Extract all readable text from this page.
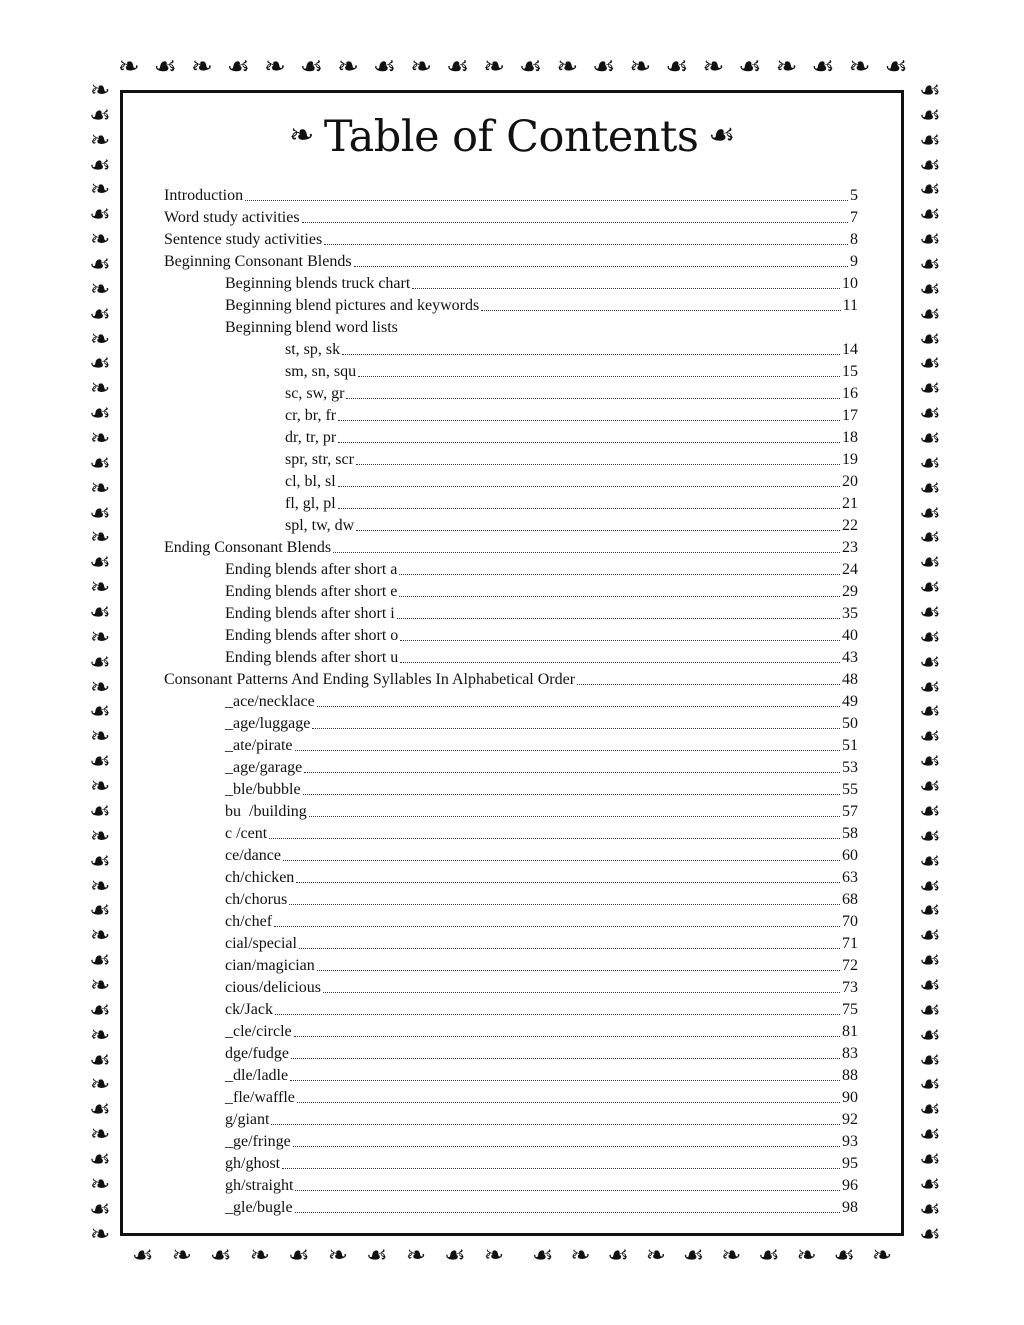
❧ ☙ ❧ ☙ ❧ ☙ ❧ ☙ ❧ ☙ ❧ ☙ ❧ ☙ ❧ ☙ ❧ ☙ ❧ ☙ ❧ ☙
☙ ❧ ☙ ❧ ☙ ❧ ☙ ❧ ☙ ❧ ☙ ❧ ☙ ❧ ☙ ❧ ☙ ❧ ☙ ❧
❧
☙
❧
☙
❧
☙
❧
☙
❧
☙
❧
☙
❧
☙
❧
☙
❧
☙
❧
☙
❧
☙
❧
☙
❧
☙
❧
☙
❧
☙
❧
☙
❧
☙
❧
☙
❧
☙
❧
☙
❧
☙
❧
☙
❧
☙
❧
☙
☙
☙
☙
☙
☙
☙
☙
☙
☙
☙
☙
☙
☙
☙
☙
☙
☙
☙
☙
☙
☙
☙
☙
☙
☙
☙
☙
☙
☙
☙
☙
☙
☙
☙
☙
☙
☙
☙
☙
☙
☙
☙
☙
☙
☙
☙
❧ Table of Contents ☙
Introduction	5
Word study activities	7
Sentence study activities	8
Beginning Consonant Blends	9
Beginning blends truck chart	10
Beginning blend pictures and keywords	11
Beginning blend word lists
st, sp, sk	14
sm, sn, squ	15
sc, sw, gr	16
cr, br, fr	17
dr, tr, pr	18
spr, str, scr	19
cl, bl, sl	20
fl, gl, pl	21
spl, tw, dw	22
Ending Consonant Blends	23
Ending blends after short a	24
Ending blends after short e	29
Ending blends after short i	35
Ending blends after short o	40
Ending blends after short u	43
Consonant Patterns And Ending Syllables In Alphabetical Order	48
_ace/necklace	49
_age/luggage	50
_ate/pirate	51
_age/garage	53
_ble/bubble	55
bu  /building	57
c /cent	58
ce/dance	60
ch/chicken	63
ch/chorus	68
ch/chef	70
cial/special	71
cian/magician	72
cious/delicious	73
ck/Jack	75
_cle/circle	81
dge/fudge	83
_dle/ladle	88
_fle/waffle	90
g/giant	92
_ge/fringe	93
gh/ghost	95
gh/straight	96
_gle/bugle	98
